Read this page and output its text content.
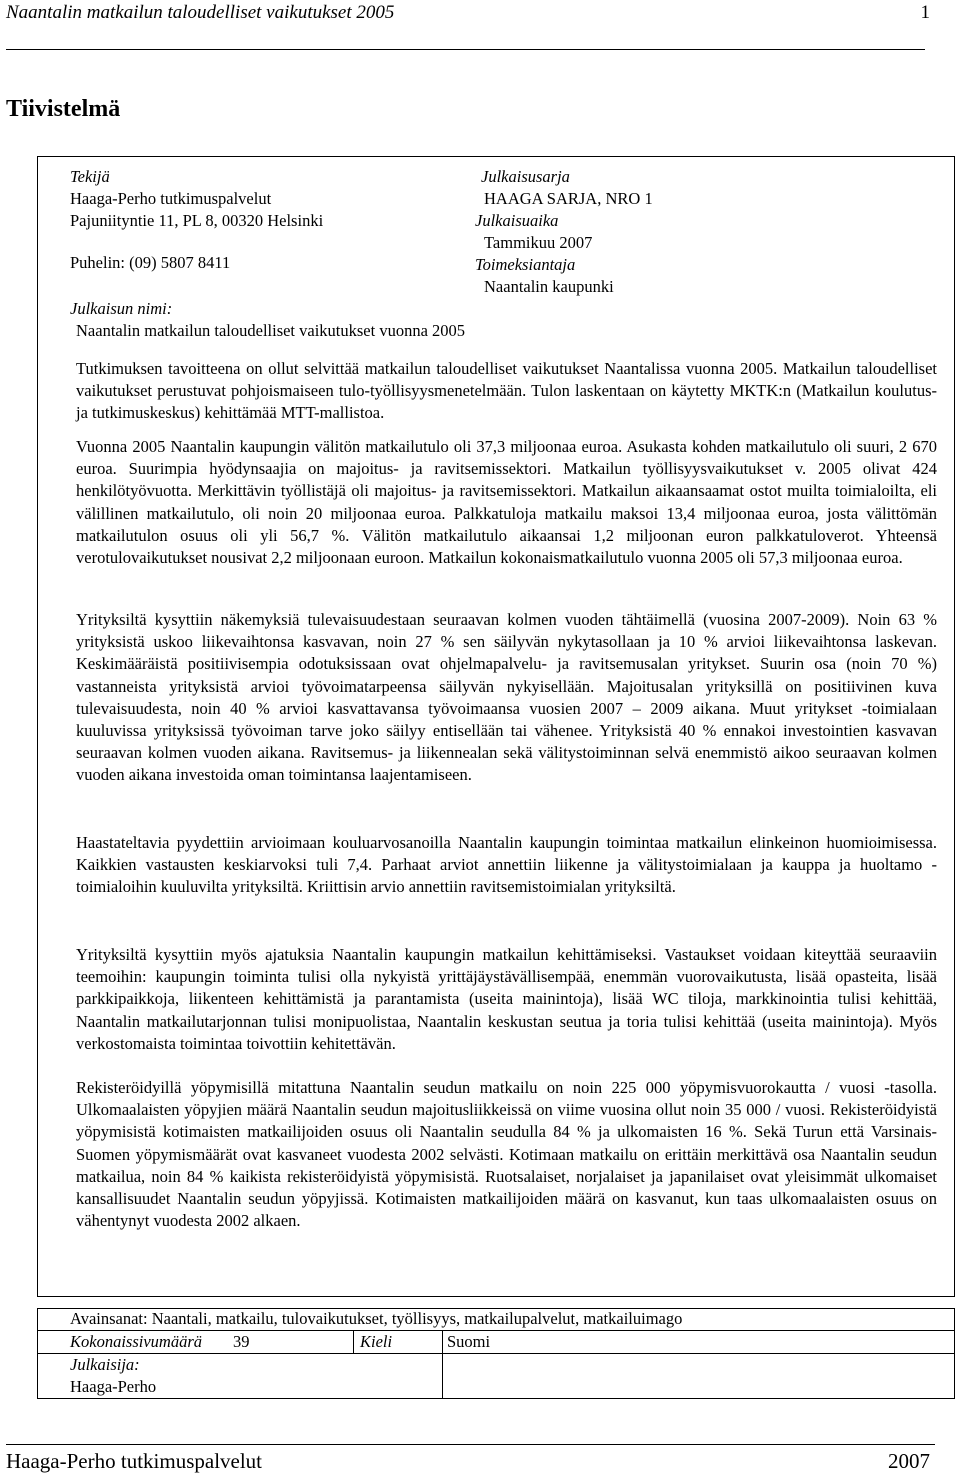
Naantalin matkailun taloudelliset vaikutukset 2005	1
Tiivistelmä
Tekijä
Haaga-Perho tutkimuspalvelut
Pajuniityntie 11, PL 8, 00320 Helsinki
Puhelin: (09) 5807 8411
Julkaisun nimi:
Naantalin matkailun taloudelliset vaikutukset vuonna 2005
Julkaisusarja
HAAGA SARJA, NRO 1
Julkaisuaika
Tammikuu 2007
Toimeksiantaja
Naantalin kaupunki
Tutkimuksen tavoitteena on ollut selvittää matkailun taloudelliset vaikutukset Naantalissa vuonna 2005. Matkailun taloudelliset vaikutukset perustuvat pohjoismaiseen tulo-työllisyysmenetelmään. Tulon laskentaan on käytetty MKTK:n (Matkailun koulutus- ja tutkimuskeskus) kehittämää MTT-mallistoa.
Vuonna 2005 Naantalin kaupungin välitön matkailutulo oli 37,3 miljoonaa euroa. Asukasta kohden matkailutulo oli suuri, 2 670 euroa. Suurimpia hyödynsaajia on majoitus- ja ravitsemissektori. Matkailun työllisyysvaikutukset v. 2005 olivat 424 henkilötyövuotta. Merkittävin työllistäjä oli majoitus- ja ravitsemissektori. Matkailun aikaansaamat ostot muilta toimialoilta, eli välillinen matkailutulo, oli noin 20 miljoonaa euroa. Palkkatuloja matkailu maksoi 13,4 miljoonaa euroa, josta välittömän matkailutulon osuus oli yli 56,7 %. Välitön matkailutulo aikaansai 1,2 miljoonan euron palkkatuloverot. Yhteensä verotulovaikutukset nousivat 2,2 miljoonaan euroon. Matkailun kokonaismatkailutulo vuonna 2005 oli 57,3 miljoonaa euroa.
Yrityksiltä kysyttiin näkemyksiä tulevaisuudestaan seuraavan kolmen vuoden tähtäimellä (vuosina 2007-2009). Noin 63 % yrityksistä uskoo liikevaihtonsa kasvavan, noin 27 % sen säilyvän nykytasollaan ja 10 % arvioi liikevaihtonsa laskevan. Keskimääräistä positiivisempia odotuksissaan ovat ohjelmapalvelu- ja ravitsemusalan yritykset. Suurin osa (noin 70 %) vastanneista yrityksistä arvioi työvoimatarpeensa säilyvän nykyisellään. Majoitusalan yrityksillä on positiivinen kuva tulevaisuudesta, noin 40 % arvioi kasvattavansa työvoimaansa vuosien 2007 – 2009 aikana. Muut yritykset -toimialaan kuuluvissa yrityksissä työvoiman tarve joko säilyy entisellään tai vähenee. Yrityksistä 40 % ennakoi investointien kasvavan seuraavan kolmen vuoden aikana. Ravitsemus- ja liikennealan sekä välitystoiminnan selvä enemmistö aikoo seuraavan kolmen vuoden aikana investoida oman toimintansa laajentamiseen.
Haastateltavia pyydettiin arvioimaan kouluarvosanoilla Naantalin kaupungin toimintaa matkailun elinkeinon huomioimisessa. Kaikkien vastausten keskiarvoksi tuli 7,4. Parhaat arviot annettiin liikenne ja välitystoimialaan ja kauppa ja huoltamo -toimialoihin kuuluvilta yrityksiltä. Kriittisin arvio annettiin ravitsemistoimialan yrityksiltä.
Yrityksiltä kysyttiin myös ajatuksia Naantalin kaupungin matkailun kehittämiseksi. Vastaukset voidaan kiteyttää seuraaviin teemoihin: kaupungin toiminta tulisi olla nykyistä yrittäjäystävällisempää, enemmän vuorovaikutusta, lisää opasteita, lisää parkkipaikkoja, liikenteen kehittämistä ja parantamista (useita mainintoja), lisää WC tiloja, markkinointia tulisi kehittää, Naantalin matkailutarjonnan tulisi monipuolistaa, Naantalin keskustan seutua ja toria tulisi kehittää (useita mainintoja). Myös verkostomaista toimintaa toivottiin kehitettävän.
Rekisteröidyillä yöpymisillä mitattuna Naantalin seudun matkailu on noin 225 000 yöpymisvuorokautta / vuosi -tasolla. Ulkomaalaisten yöpyjien määrä Naantalin seudun majoitusliikkeissä on viime vuosina ollut noin 35 000 / vuosi. Rekisteröidyistä yöpymisistä kotimaisten matkailijoiden osuus oli Naantalin seudulla 84 % ja ulkomaisten 16 %. Sekä Turun että Varsinais-Suomen yöpymismäärät ovat kasvaneet vuodesta 2002 selvästi. Kotimaan matkailu on erittäin merkittävä osa Naantalin seudun matkailua, noin 84 % kaikista rekisteröidyistä yöpymisistä. Ruotsalaiset, norjalaiset ja japanilaiset ovat yleisimmät ulkomaiset kansallisuudet Naantalin seudun yöpyjissä. Kotimaisten matkailijoiden määrä on kasvanut, kun taas ulkomaalaisten osuus on vähentynyt vuodesta 2002 alkaen.
Avainsanat: Naantali, matkailu, tulovaikutukset, työllisyys, matkailupalvelut, matkailuimago
Kokonaissivumäärä 39	Kieli	Suomi
Julkaisija:
Haaga-Perho
Haaga-Perho tutkimuspalvelut	2007
